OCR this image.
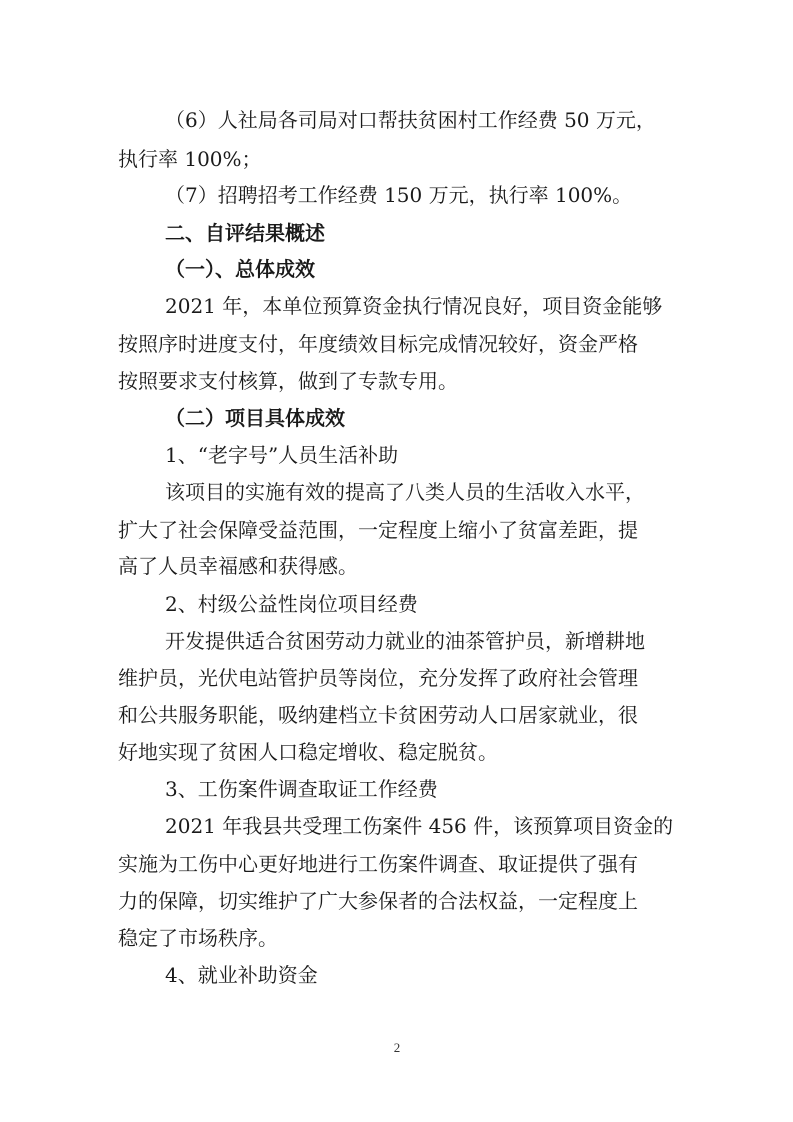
（6）人社局各司局对口帮扶贫困村工作经费 50 万元，

执行率 100%；

（7）招聘招考工作经费 150 万元，执行率 100%。

二、自评结果概述

（一）、总体成效

2021 年，本单位预算资金执行情况良好，项目资金能够

按照序时进度支付，年度绩效目标完成情况较好，资金严格

按照要求支付核算，做到了专款专用。

（二）项目具体成效

1、“老字号”人员生活补助

该项目的实施有效的提高了八类人员的生活收入水平，

扩大了社会保障受益范围，一定程度上缩小了贫富差距，提

高了人员幸福感和获得感。

2、村级公益性岗位项目经费

开发提供适合贫困劳动力就业的油茶管护员，新增耕地

维护员，光伏电站管护员等岗位，充分发挥了政府社会管理

和公共服务职能，吸纳建档立卡贫困劳动人口居家就业，很

好地实现了贫困人口稳定增收、稳定脱贫。

3、工伤案件调查取证工作经费

2021 年我县共受理工伤案件 456 件，该预算项目资金的

实施为工伤中心更好地进行工伤案件调查、取证提供了强有

力的保障，切实维护了广大参保者的合法权益，一定程度上

稳定了市场秩序。

4、就业补助资金

2
